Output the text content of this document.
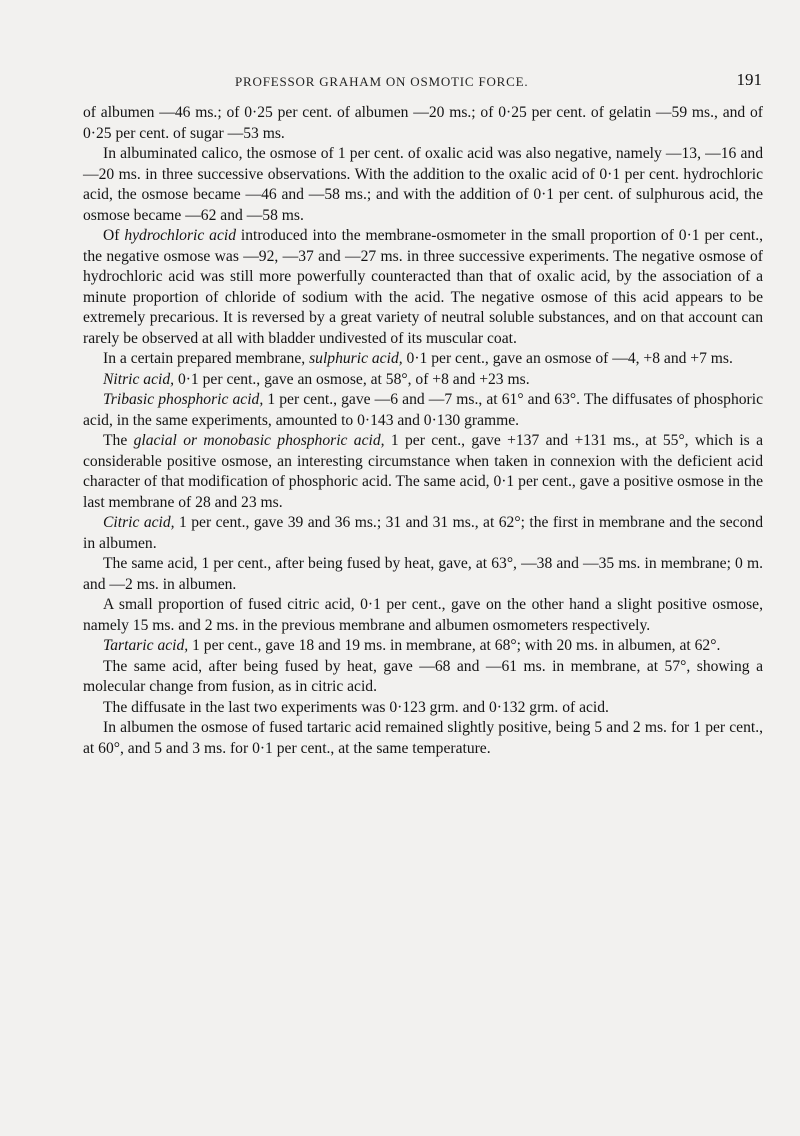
PROFESSOR GRAHAM ON OSMOTIC FORCE.	191

of albumen —46 ms.; of 0·25 per cent. of albumen —20 ms.; of 0·25 per cent. of gelatin —59 ms., and of 0·25 per cent. of sugar —53 ms.

In albuminated calico, the osmose of 1 per cent. of oxalic acid was also negative, namely —13, —16 and —20 ms. in three successive observations. With the addition to the oxalic acid of 0·1 per cent. hydrochloric acid, the osmose became —46 and —58 ms.; and with the addition of 0·1 per cent. of sulphurous acid, the osmose became —62 and —58 ms.

Of hydrochloric acid introduced into the membrane-osmometer in the small proportion of 0·1 per cent., the negative osmose was —92, —37 and —27 ms. in three successive experiments. The negative osmose of hydrochloric acid was still more powerfully counteracted than that of oxalic acid, by the association of a minute proportion of chloride of sodium with the acid. The negative osmose of this acid appears to be extremely precarious. It is reversed by a great variety of neutral soluble substances, and on that account can rarely be observed at all with bladder undivested of its muscular coat.

In a certain prepared membrane, sulphuric acid, 0·1 per cent., gave an osmose of —4, +8 and +7 ms.

Nitric acid, 0·1 per cent., gave an osmose, at 58°, of +8 and +23 ms.

Tribasic phosphoric acid, 1 per cent., gave —6 and —7 ms., at 61° and 63°. The diffusates of phosphoric acid, in the same experiments, amounted to 0·143 and 0·130 gramme.

The glacial or monobasic phosphoric acid, 1 per cent., gave +137 and +131 ms., at 55°, which is a considerable positive osmose, an interesting circumstance when taken in connexion with the deficient acid character of that modification of phosphoric acid. The same acid, 0·1 per cent., gave a positive osmose in the last membrane of 28 and 23 ms.

Citric acid, 1 per cent., gave 39 and 36 ms.; 31 and 31 ms., at 62°; the first in membrane and the second in albumen.

The same acid, 1 per cent., after being fused by heat, gave, at 63°, —38 and —35 ms. in membrane; 0 m. and —2 ms. in albumen.

A small proportion of fused citric acid, 0·1 per cent., gave on the other hand a slight positive osmose, namely 15 ms. and 2 ms. in the previous membrane and albumen osmometers respectively.

Tartaric acid, 1 per cent., gave 18 and 19 ms. in membrane, at 68°; with 20 ms. in albumen, at 62°.

The same acid, after being fused by heat, gave —68 and —61 ms. in membrane, at 57°, showing a molecular change from fusion, as in citric acid.

The diffusate in the last two experiments was 0·123 grm. and 0·132 grm. of acid.

In albumen the osmose of fused tartaric acid remained slightly positive, being 5 and 2 ms. for 1 per cent., at 60°, and 5 and 3 ms. for 0·1 per cent., at the same temperature.
